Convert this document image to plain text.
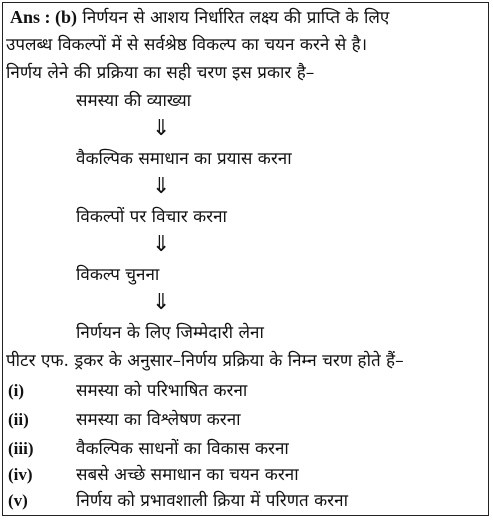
Ans : (b) निर्णयन से आशय निर्धारित लक्ष्य की प्राप्ति के लिए
उपलब्ध विकल्पों में से सर्वश्रेष्ठ विकल्प का चयन करने से है।
निर्णय लेने की प्रक्रिया का सही चरण इस प्रकार है–
समस्या की व्याख्या
⇓
वैकल्पिक समाधान का प्रयास करना
⇓
विकल्पों पर विचार करना
⇓
विकल्प चुनना
⇓
निर्णयन के लिए जिम्मेदारी लेना
पीटर एफ. ड्रकर के अनुसार–निर्णय प्रक्रिया के निम्न चरण होते हैं–
(i)	समस्या को परिभाषित करना
(ii)	समस्या का विश्लेषण करना
(iii)	वैकल्पिक साधनों का विकास करना
(iv)	सबसे अच्छे समाधान का चयन करना
(v)	निर्णय को प्रभावशाली क्रिया में परिणत करना
